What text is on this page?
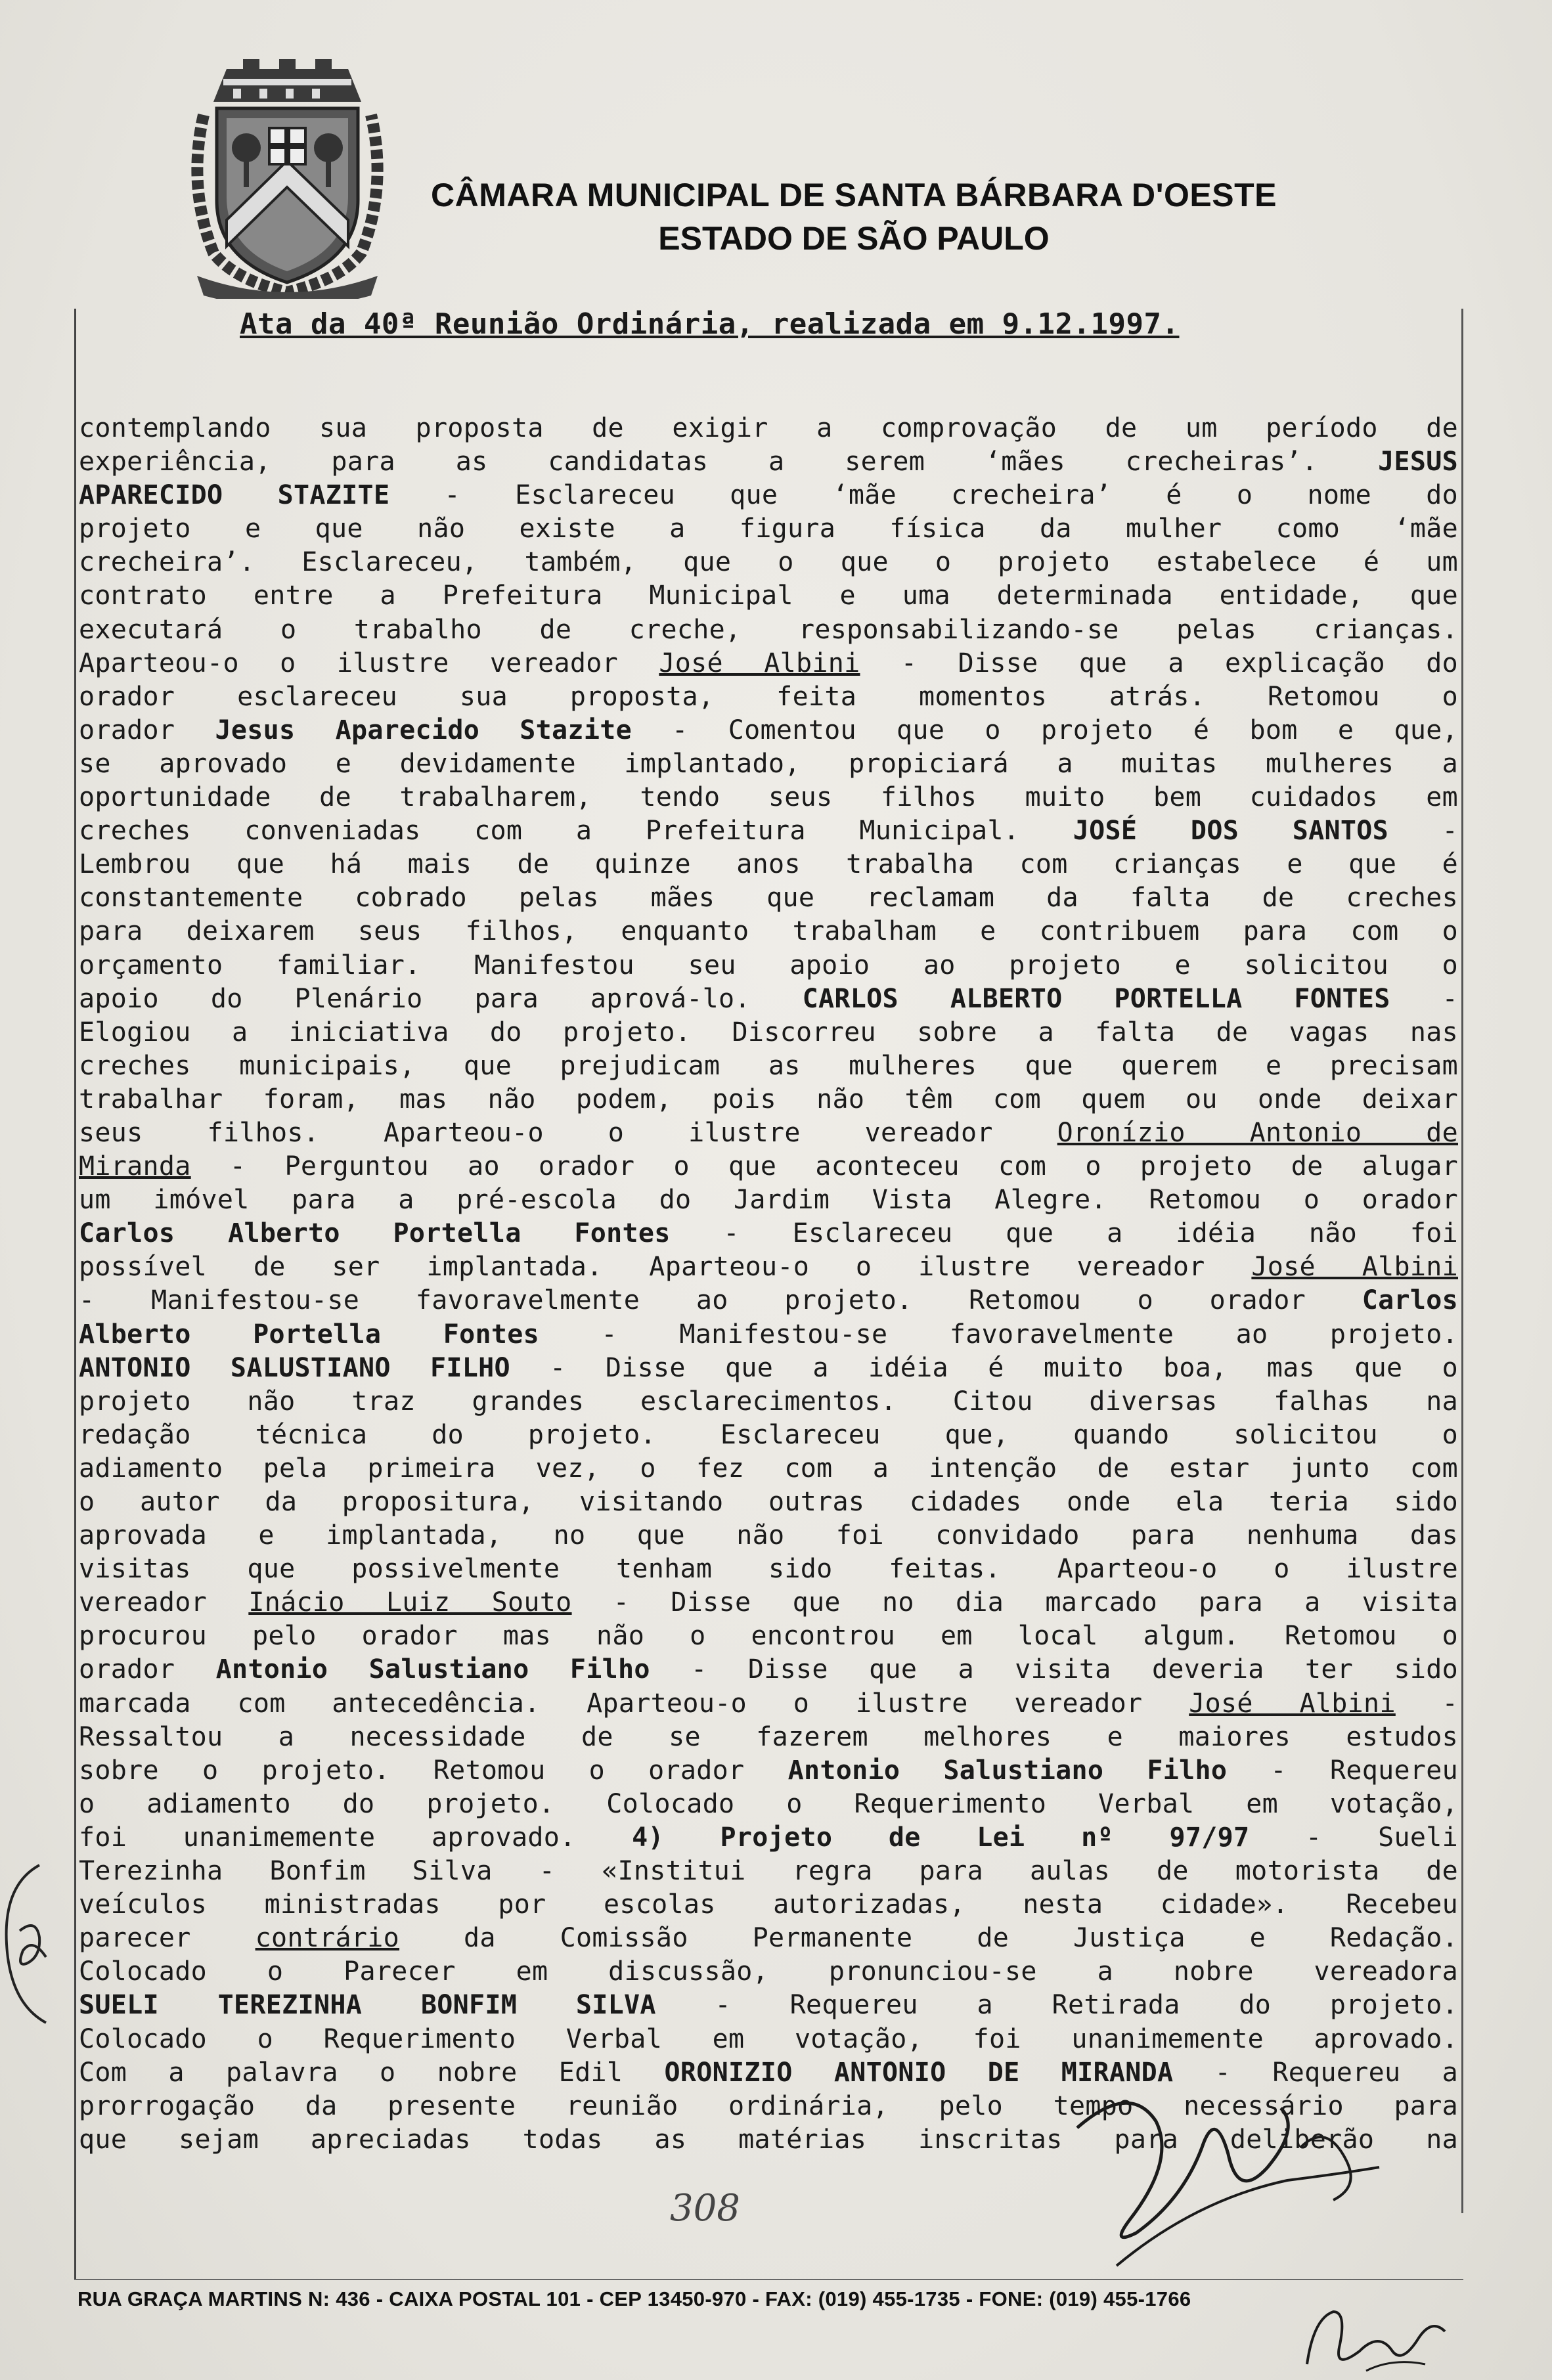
CÂMARA MUNICIPAL DE SANTA BÁRBARA D'OESTE
ESTADO DE SÃO PAULO
Ata da 40ª Reunião Ordinária, realizada em 9.12.1997.
contemplando sua proposta de exigir a comprovação de um período de
experiência, para as candidatas a serem ‘mães crecheiras’. JESUS
APARECIDO STAZITE - Esclareceu que ‘mãe crecheira’ é o nome do
projeto e que não existe a figura física da mulher como ‘mãe
crecheira’. Esclareceu, também, que o que o projeto estabelece é um
contrato entre a Prefeitura Municipal e uma determinada entidade, que
executará o trabalho de creche, responsabilizando-se pelas crianças.
Aparteou-o o ilustre vereador José Albini - Disse que a explicação do
orador esclareceu sua proposta, feita momentos atrás. Retomou o
orador Jesus Aparecido Stazite - Comentou que o projeto é bom e que,
se aprovado e devidamente implantado, propiciará a muitas mulheres a
oportunidade de trabalharem, tendo seus filhos muito bem cuidados em
creches conveniadas com a Prefeitura Municipal. JOSÉ DOS SANTOS -
Lembrou que há mais de quinze anos trabalha com crianças e que é
constantemente cobrado pelas mães que reclamam da falta de creches
para deixarem seus filhos, enquanto trabalham e contribuem para com o
orçamento familiar. Manifestou seu apoio ao projeto e solicitou o
apoio do Plenário para aprová-lo. CARLOS ALBERTO PORTELLA FONTES -
Elogiou a iniciativa do projeto. Discorreu sobre a falta de vagas nas
creches municipais, que prejudicam as mulheres que querem e precisam
trabalhar foram, mas não podem, pois não têm com quem ou onde deixar
seus filhos. Aparteou-o o ilustre vereador Oronízio Antonio de
Miranda - Perguntou ao orador o que aconteceu com o projeto de alugar
um imóvel para a pré-escola do Jardim Vista Alegre. Retomou o orador
Carlos Alberto Portella Fontes - Esclareceu que a idéia não foi
possível de ser implantada. Aparteou-o o ilustre vereador José Albini
- Manifestou-se favoravelmente ao projeto. Retomou o orador Carlos
Alberto Portella Fontes - Manifestou-se favoravelmente ao projeto.
ANTONIO SALUSTIANO FILHO - Disse que a idéia é muito boa, mas que o
projeto não traz grandes esclarecimentos. Citou diversas falhas na
redação técnica do projeto. Esclareceu que, quando solicitou o
adiamento pela primeira vez, o fez com a intenção de estar junto com
o autor da propositura, visitando outras cidades onde ela teria sido
aprovada e implantada, no que não foi convidado para nenhuma das
visitas que possivelmente tenham sido feitas. Aparteou-o o ilustre
vereador Inácio Luiz Souto - Disse que no dia marcado para a visita
procurou pelo orador mas não o encontrou em local algum. Retomou o
orador Antonio Salustiano Filho - Disse que a visita deveria ter sido
marcada com antecedência. Aparteou-o o ilustre vereador José Albini -
Ressaltou a necessidade de se fazerem melhores e maiores estudos
sobre o projeto. Retomou o orador Antonio Salustiano Filho - Requereu
o adiamento do projeto. Colocado o Requerimento Verbal em votação,
foi unanimemente aprovado. 4) Projeto de Lei nº 97/97 - Sueli
Terezinha Bonfim Silva - «Institui regra para aulas de motorista de
veículos ministradas por escolas autorizadas, nesta cidade». Recebeu
parecer contrário da Comissão Permanente de Justiça e Redação.
Colocado o Parecer em discussão, pronunciou-se a nobre vereadora
SUELI TEREZINHA BONFIM SILVA - Requereu a Retirada do projeto.
Colocado o Requerimento Verbal em votação, foi unanimemente aprovado.
Com a palavra o nobre Edil ORONIZIO ANTONIO DE MIRANDA - Requereu a
prorrogação da presente reunião ordinária, pelo tempo necessário para
que sejam apreciadas todas as matérias inscritas para deliberão na
308
RUA GRAÇA MARTINS N: 436 - CAIXA POSTAL 101 - CEP 13450-970 - FAX: (019) 455-1735 - FONE: (019) 455-1766
